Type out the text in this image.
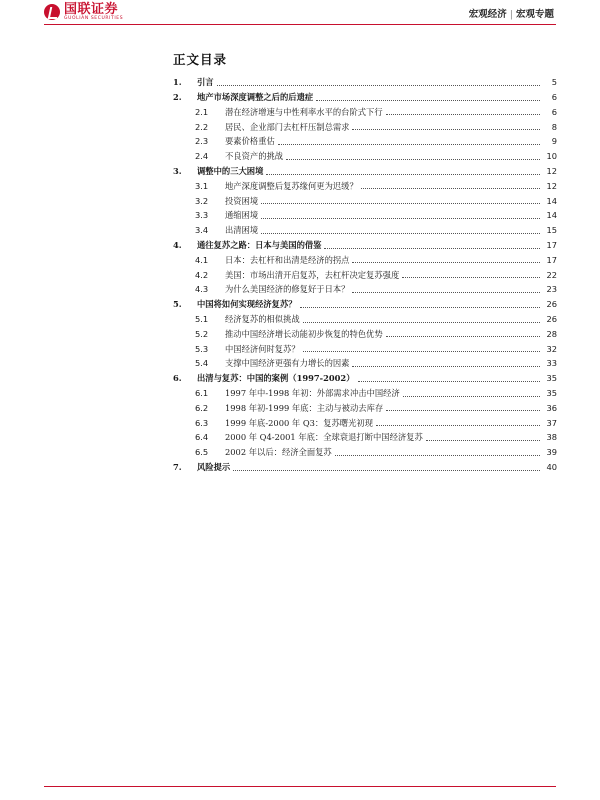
国联证券
GUOLIAN SECURITIES	宏观经济 | 宏观专题
正文目录
1.	引言	5
2.	地产市场深度调整之后的后遗症	6
2.1	潜在经济增速与中性利率水平的台阶式下行	6
2.2	居民、企业部门去杠杆压制总需求	8
2.3	要素价格重估	9
2.4	不良资产的挑战	10
3.	调整中的三大困境	12
3.1	地产深度调整后复苏缘何更为迟缓？	12
3.2	投资困境	14
3.3	通缩困境	14
3.4	出清困境	15
4.	通往复苏之路：日本与美国的借鉴	17
4.1	日本：去杠杆和出清是经济的拐点	17
4.2	美国：市场出清开启复苏，去杠杆决定复苏强度	22
4.3	为什么美国经济的修复好于日本？	23
5.	中国将如何实现经济复苏？	26
5.1	经济复苏的相似挑战	26
5.2	推动中国经济增长动能初步恢复的特色优势	28
5.3	中国经济何时复苏？	32
5.4	支撑中国经济更强有力增长的因素	33
6.	出清与复苏：中国的案例（1997-2002）	35
6.1	1997 年中-1998 年初：外部需求冲击中国经济	35
6.2	1998 年初-1999 年底：主动与被动去库存	36
6.3	1999 年底-2000 年 Q3：复苏曙光初现	37
6.4	2000 年 Q4-2001 年底：全球衰退打断中国经济复苏	38
6.5	2002 年以后：经济全面复苏	39
7.	风险提示	40
